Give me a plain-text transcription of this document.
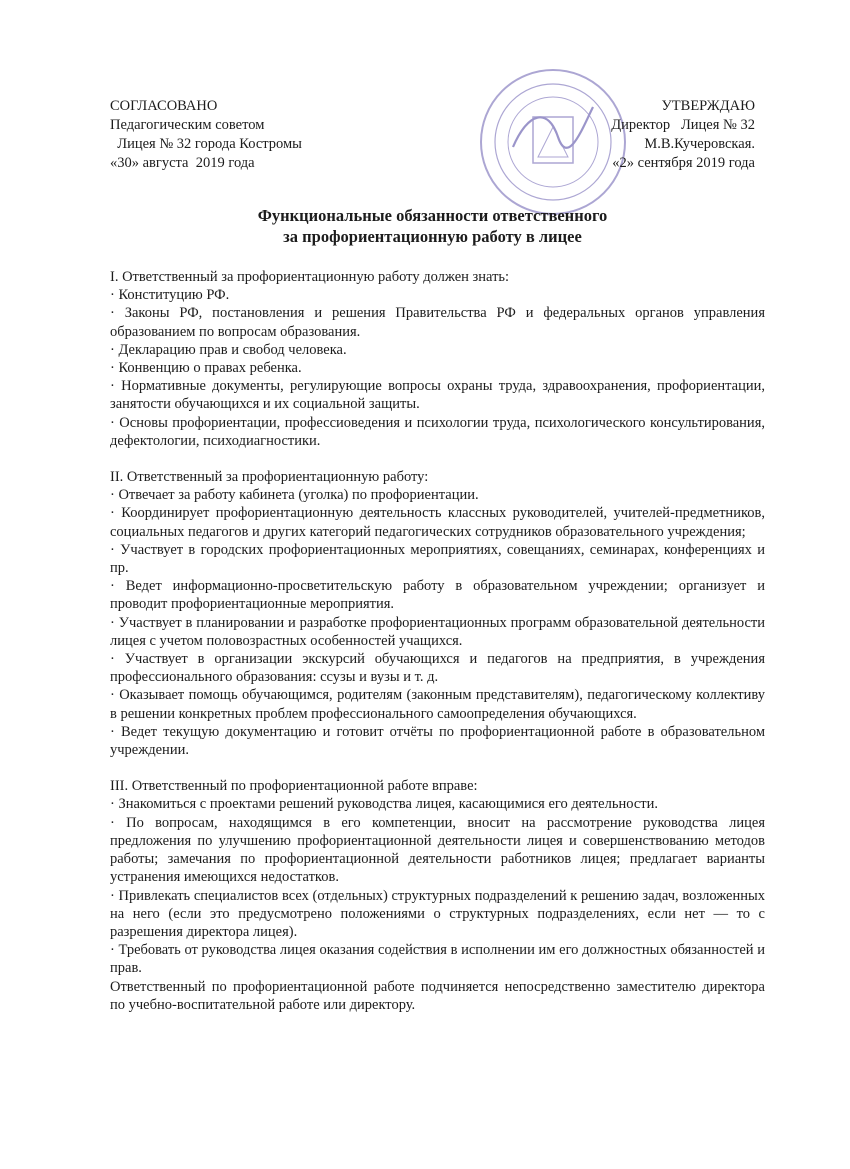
СОГЛАСОВАНО
Педагогическим советом
Лицея № 32 города Костромы
«30» августа  2019 года
УТВЕРЖДАЮ
Директор   Лицея № 32
М.В.Кучеровская.
«2» сентября 2019 года
Функциональные обязанности ответственного
за профориентационную работу в лицее

I. Ответственный за профориентационную работу должен знать:

· Конституцию РФ.

· Законы РФ, постановления и решения Правительства РФ и федеральных органов управления образованием по вопросам образования.

· Декларацию прав и свобод человека.

· Конвенцию о правах ребенка.

· Нормативные документы, регулирующие вопросы охраны труда, здравоохранения, профориентации, занятости обучающихся и их социальной защиты.

· Основы профориентации, профессиоведения и психологии труда, психологического консультирования, дефектологии, психодиагностики.

II. Ответственный за профориентационную работу:

· Отвечает за работу кабинета (уголка) по профориентации.

· Координирует профориентационную деятельность классных руководителей, учителей-предметников, социальных педагогов и других категорий педагогических сотрудников образовательного учреждения;

· Участвует в городских профориентационных мероприятиях, совещаниях, семинарах, конференциях и пр.

· Ведет информационно-просветительскую работу в образовательном учреждении; организует и проводит профориентационные мероприятия.

· Участвует в планировании и разработке профориентационных программ образовательной деятельности лицея с учетом половозрастных особенностей учащихся.

· Участвует в организации экскурсий обучающихся и педагогов на предприятия, в учреждения профессионального образования: ссузы и вузы и т. д.

· Оказывает помощь обучающимся, родителям (законным представителям), педагогическому коллективу в решении конкретных проблем профессионального самоопределения обучающихся.

· Ведет текущую документацию и готовит отчёты по профориентационной работе в образовательном учреждении.

III. Ответственный по профориентационной работе вправе:

· Знакомиться с проектами решений руководства лицея, касающимися его деятельности.

· По вопросам, находящимся в его компетенции, вносит на рассмотрение руководства лицея предложения по улучшению профориентационной деятельности лицея и совершенствованию методов работы; замечания по профориентационной деятельности работников лицея; предлагает варианты устранения имеющихся недостатков.

· Привлекать специалистов всех (отдельных) структурных подразделений к решению задач, возложенных на него (если это предусмотрено положениями о структурных подразделениях, если нет — то с разрешения директора лицея).

· Требовать от руководства лицея оказания содействия в исполнении им его должностных обязанностей и прав.

Ответственный по профориентационной работе подчиняется непосредственно заместителю директора по учебно-воспитательной работе или директору.
